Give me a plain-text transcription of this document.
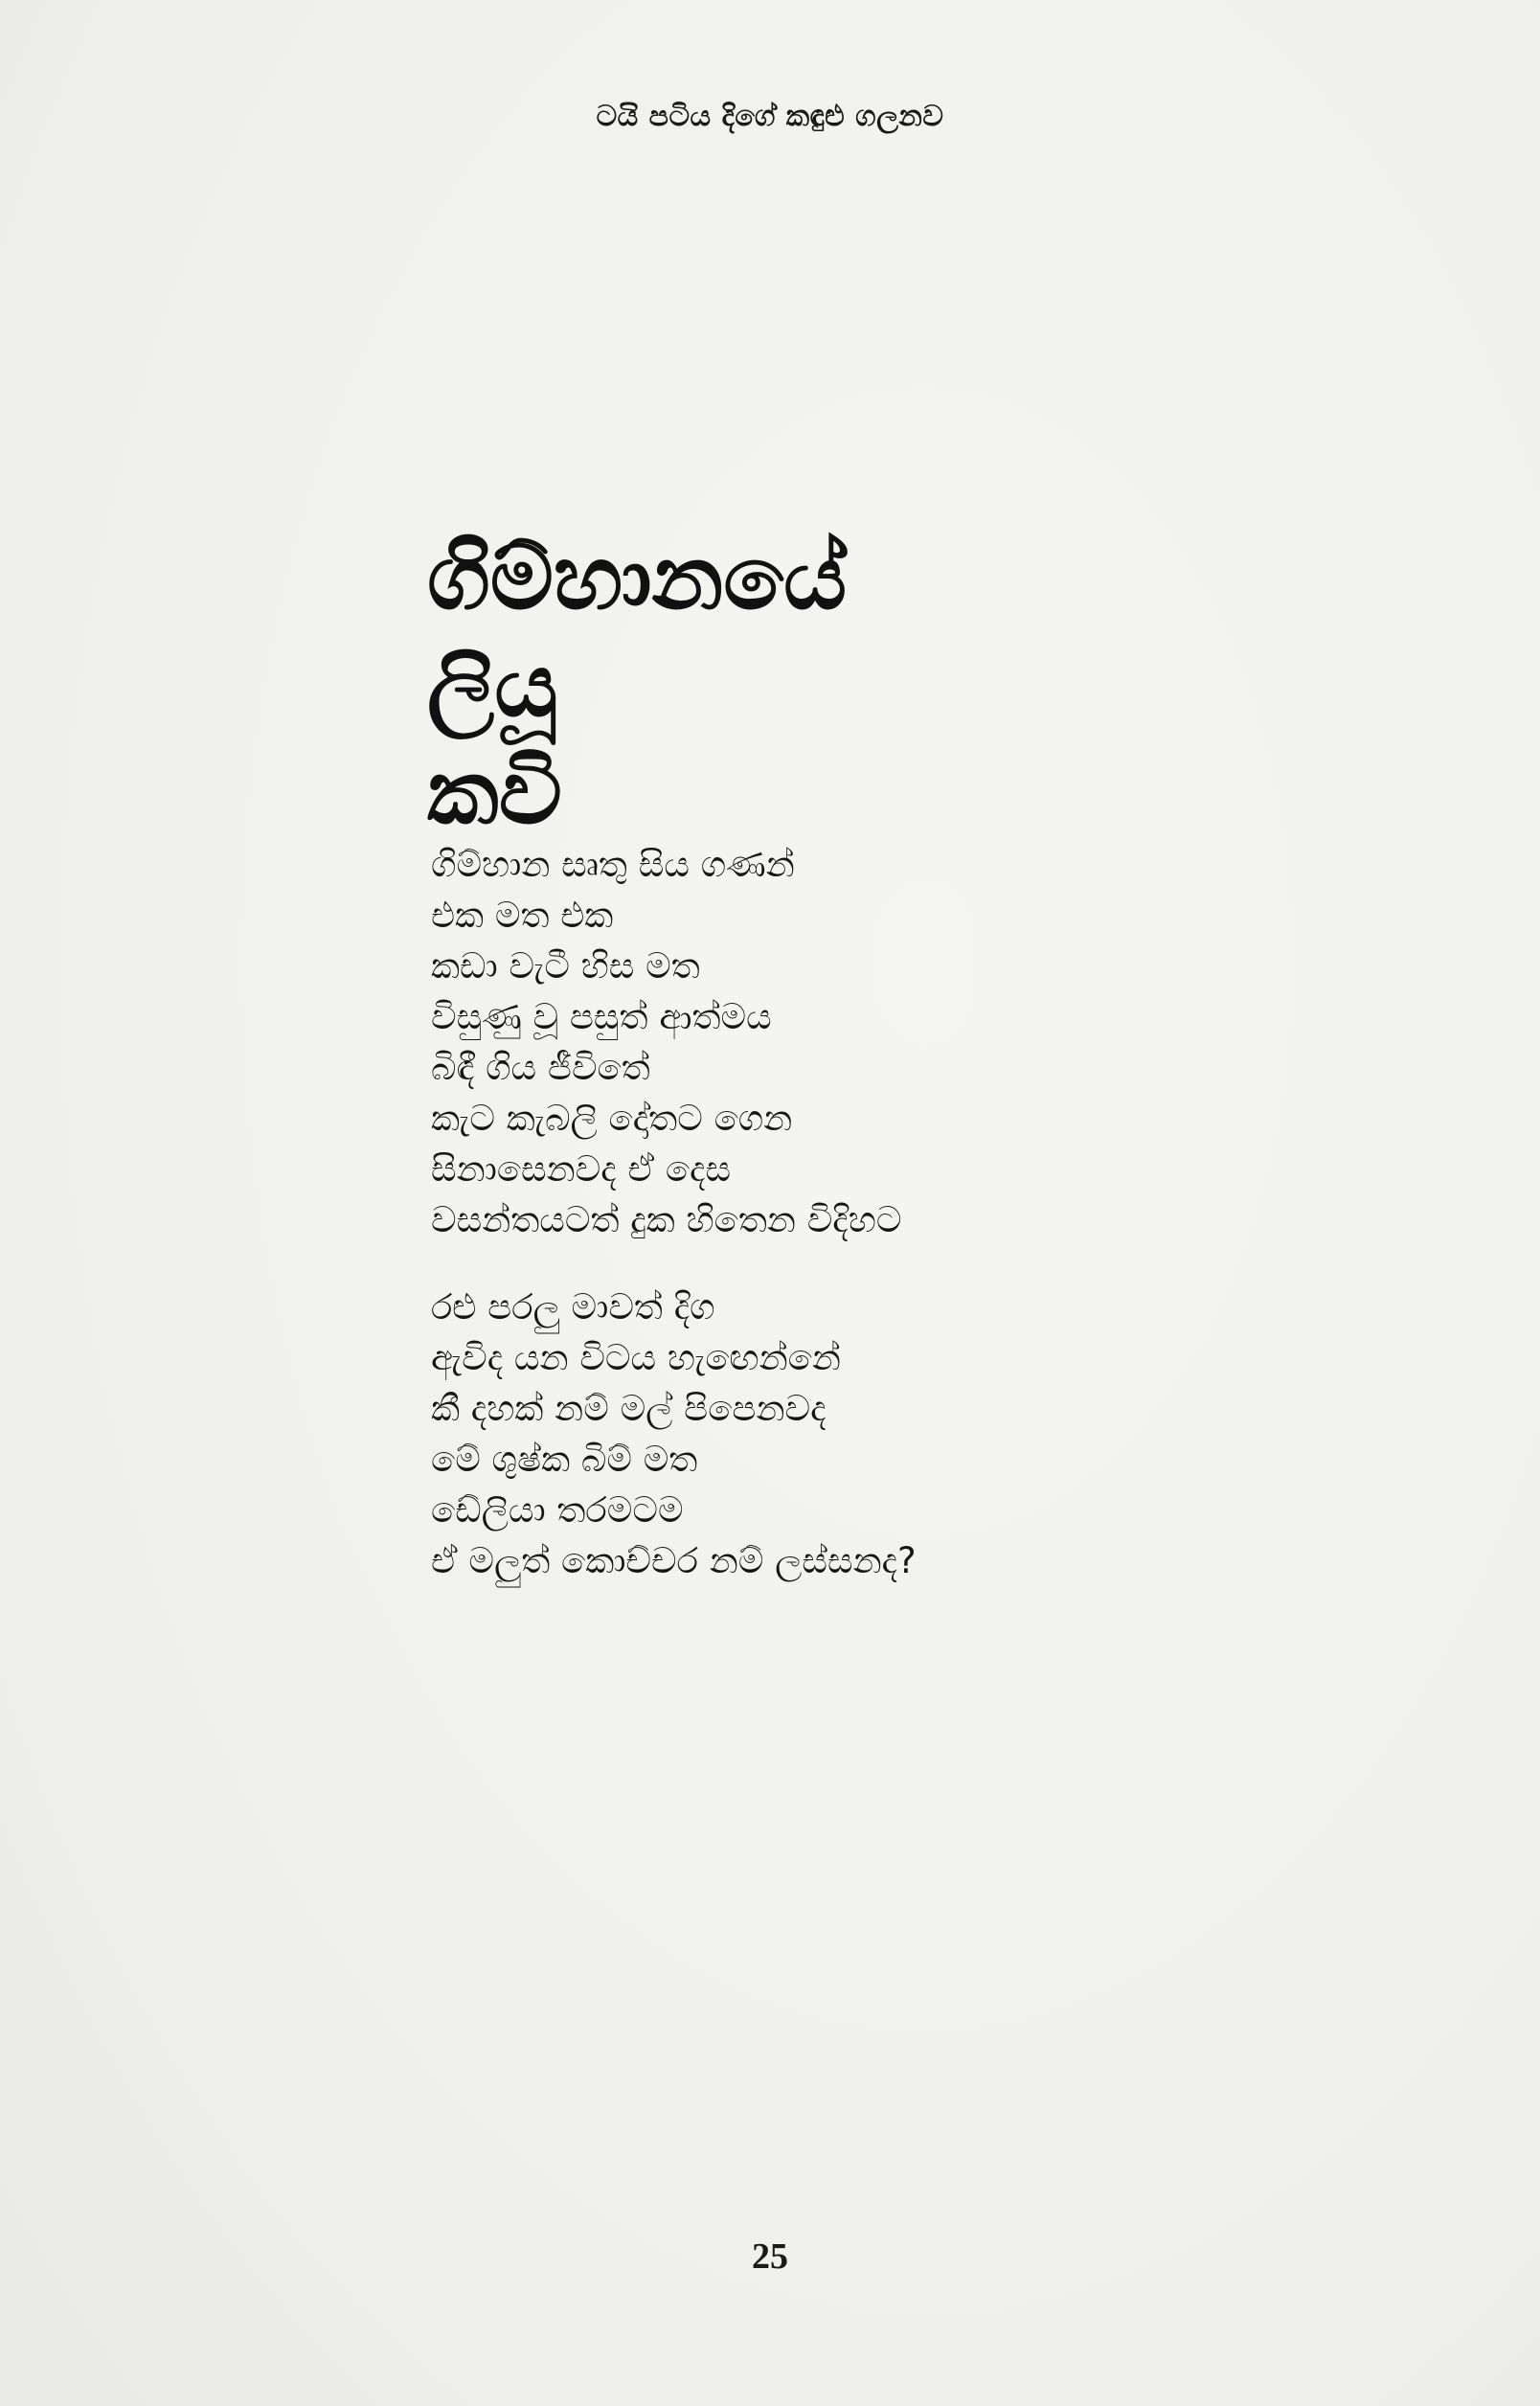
ටයි පටිය දිගේ කඳුළු ගලනව
ගිම්හානයේ
ලියූ
කවි
ගිම්හාන සෘතු සිය ගණන්
එක මත එක
කඩා වැටී හිස මත
විසුණු වූ පසුත් ආත්මය
බිඳී ගිය ජීවිතේ
කැට කැබලි දෝතට ගෙන
සිනාසෙනවද ඒ දෙස
වසන්තයටත් දුක හිතෙන විදිහට
රළු පරලු මාවත් දිග
ඇවිද යන විටය හැඟෙන්නේ
කී දහක් නම් මල් පිපෙනවද
මේ ශුෂ්ක බිම් මත
ඩේලියා තරමටම
ඒ මලුත් කොච්චර නම් ලස්සනද?
25
